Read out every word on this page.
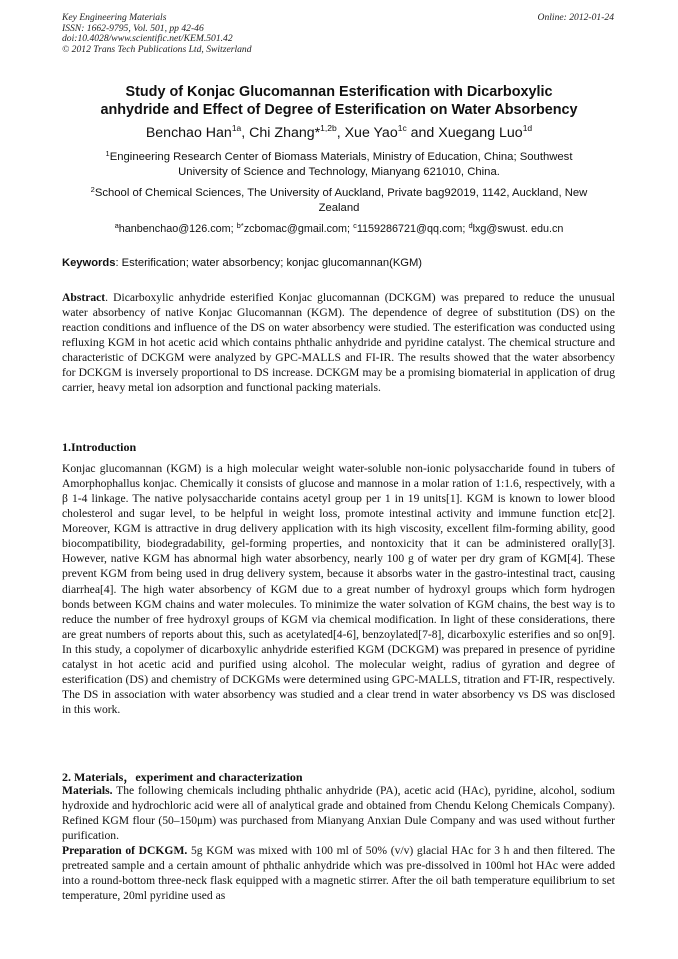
Key Engineering Materials
ISSN: 1662-9795, Vol. 501, pp 42-46
doi:10.4028/www.scientific.net/KEM.501.42
© 2012 Trans Tech Publications Ltd, Switzerland
Online: 2012-01-24
Study of Konjac Glucomannan Esterification with Dicarboxylic
anhydride and Effect of Degree of Esterification on Water Absorbency
Benchao Han$^{1a}$, Chi Zhang*$^{1,2b}$, Xue Yao$^{1c}$ and Xuegang Luo$^{1d}$
$^1$Engineering Research Center of Biomass Materials, Ministry of Education, China; Southwest
University of Science and Technology, Mianyang 621010, China.
$^2$School of Chemical Sciences, The University of Auckland, Private bag92019, 1142, Auckland, New
Zealand
$^a$hanbenchao@126.com; $^{b*}$zcbomac@gmail.com; $^c$1159286721@qq.com; $^d$lxg@swust. edu.cn
Keywords: Esterification; water absorbency; konjac glucomannan(KGM)

Abstract. Dicarboxylic anhydride esterified Konjac glucomannan (DCKGM) was prepared to reduce the unusual water absorbency of native Konjac Glucomannan (KGM). The dependence of degree of substitution (DS) on the reaction conditions and influence of the DS on water absorbency were studied. The esterification was conducted using refluxing KGM in hot acetic acid which contains phthalic anhydride and pyridine catalyst. The chemical structure and characteristic of DCKGM were analyzed by GPC-MALLS and FI-IR. The results showed that the water absorbency for DCKGM is inversely proportional to DS increase. DCKGM may be a promising biomaterial in application of drug carrier, heavy metal ion adsorption and functional packing materials.

1.Introduction

Konjac glucomannan (KGM) is a high molecular weight water-soluble non-ionic polysaccharide found in tubers of Amorphophallus konjac. Chemically it consists of glucose and mannose in a molar ration of 1:1.6, respectively, with a β 1-4 linkage. The native polysaccharide contains acetyl group per 1 in 19 units[1]. KGM is known to lower blood cholesterol and sugar level, to be helpful in weight loss, promote intestinal activity and immune function etc[2]. Moreover, KGM is attractive in drug delivery application with its high viscosity, excellent film-forming ability, good biocompatibility, biodegradability, gel-forming properties, and nontoxicity that it can be administered orally[3]. However, native KGM has abnormal high water absorbency, nearly 100 g of water per dry gram of KGM[4]. These prevent KGM from being used in drug delivery system, because it absorbs water in the gastro-intestinal tract, causing diarrhea[4]. The high water absorbency of KGM due to a great number of hydroxyl groups which form hydrogen bonds between KGM chains and water molecules. To minimize the water solvation of KGM chains, the best way is to reduce the number of free hydroxyl groups of KGM via chemical modification. In light of these considerations, there are great numbers of reports about this, such as acetylated[4-6], benzoylated[7-8], dicarboxylic esterifies and so on[9]. In this study, a copolymer of dicarboxylic anhydride esterified KGM (DCKGM) was prepared in presence of pyridine catalyst in hot acetic acid and purified using alcohol. The molecular weight, radius of gyration and degree of esterification (DS) and chemistry of DCKGMs were determined using GPC-MALLS, titration and FT-IR, respectively. The DS in association with water absorbency was studied and a clear trend in water absorbency vs DS was disclosed in this work.

2. Materials，experiment and characterization

Materials. The following chemicals including phthalic anhydride (PA), acetic acid (HAc), pyridine, alcohol, sodium hydroxide and hydrochloric acid were all of analytical grade and obtained from Chendu Kelong Chemicals Company). Refined KGM flour (50–150μm) was purchased from Mianyang Anxian Dule Company and was used without further purification.

Preparation of DCKGM. 5g KGM was mixed with 100 ml of 50% (v/v) glacial HAc for 3 h and then filtered. The pretreated sample and a certain amount of phthalic anhydride which was pre-dissolved in 100ml hot HAc were added into a round-bottom three-neck flask equipped with a magnetic stirrer. After the oil bath temperature equilibrium to set temperature, 20ml pyridine used as
